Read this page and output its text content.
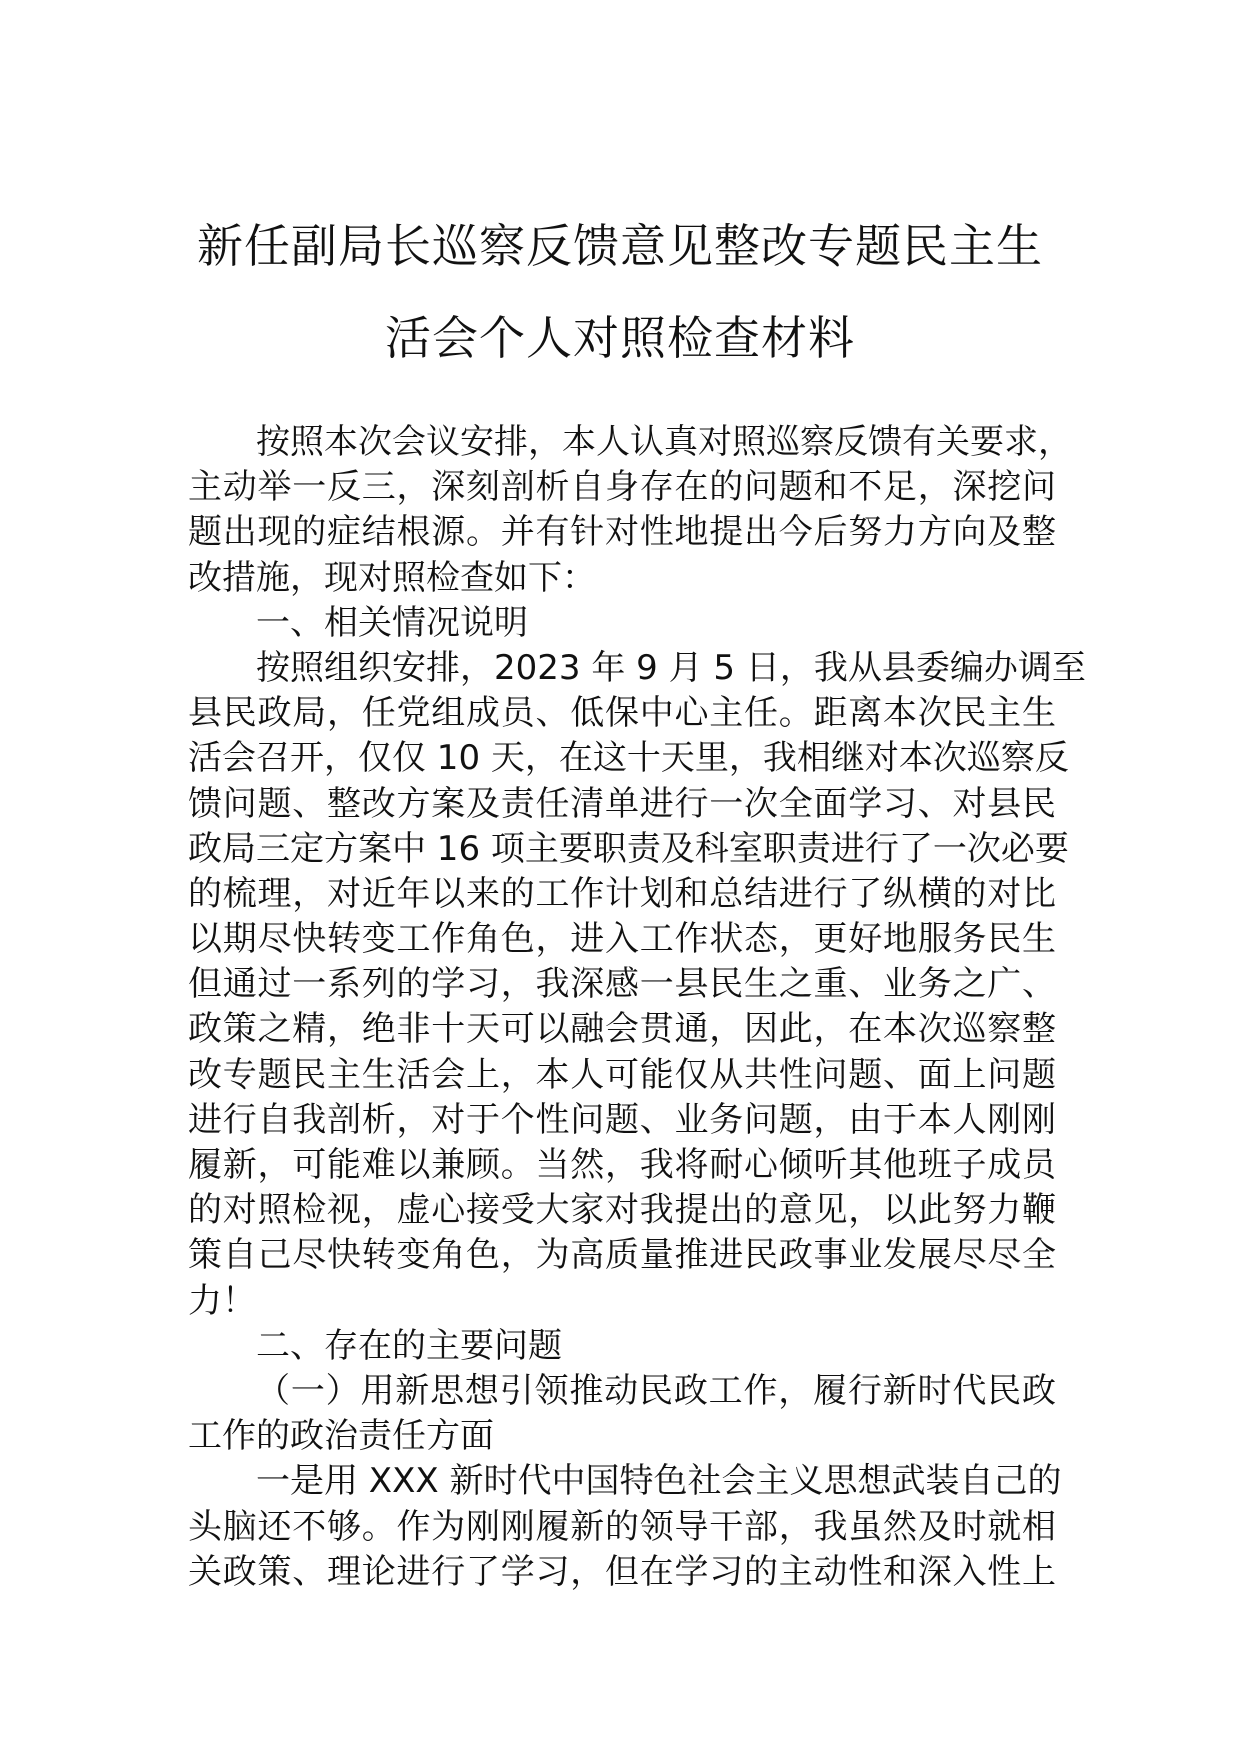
新任副局长巡察反馈意见整改专题民主生
活会个人对照检查材料
按照本次会议安排，本人认真对照巡察反馈有关要求，
主动举一反三，深刻剖析自身存在的问题和不足，深挖问
题出现的症结根源。并有针对性地提出今后努力方向及整
改措施，现对照检查如下：
一、相关情况说明
按照组织安排，2023 年 9 月 5 日，我从县委编办调至
县民政局，任党组成员、低保中心主任。距离本次民主生
活会召开，仅仅 10 天，在这十天里，我相继对本次巡察反
馈问题、整改方案及责任清单进行一次全面学习、对县民
政局三定方案中 16 项主要职责及科室职责进行了一次必要
的梳理，对近年以来的工作计划和总结进行了纵横的对比
以期尽快转变工作角色，进入工作状态，更好地服务民生
但通过一系列的学习，我深感一县民生之重、业务之广、
政策之精，绝非十天可以融会贯通，因此，在本次巡察整
改专题民主生活会上，本人可能仅从共性问题、面上问题
进行自我剖析，对于个性问题、业务问题，由于本人刚刚
履新，可能难以兼顾。当然，我将耐心倾听其他班子成员
的对照检视，虚心接受大家对我提出的意见，以此努力鞭
策自己尽快转变角色，为高质量推进民政事业发展尽尽全
力！
二、存在的主要问题
（一）用新思想引领推动民政工作，履行新时代民政
工作的政治责任方面
一是用 XXX 新时代中国特色社会主义思想武装自己的
头脑还不够。作为刚刚履新的领导干部，我虽然及时就相
关政策、理论进行了学习，但在学习的主动性和深入性上
